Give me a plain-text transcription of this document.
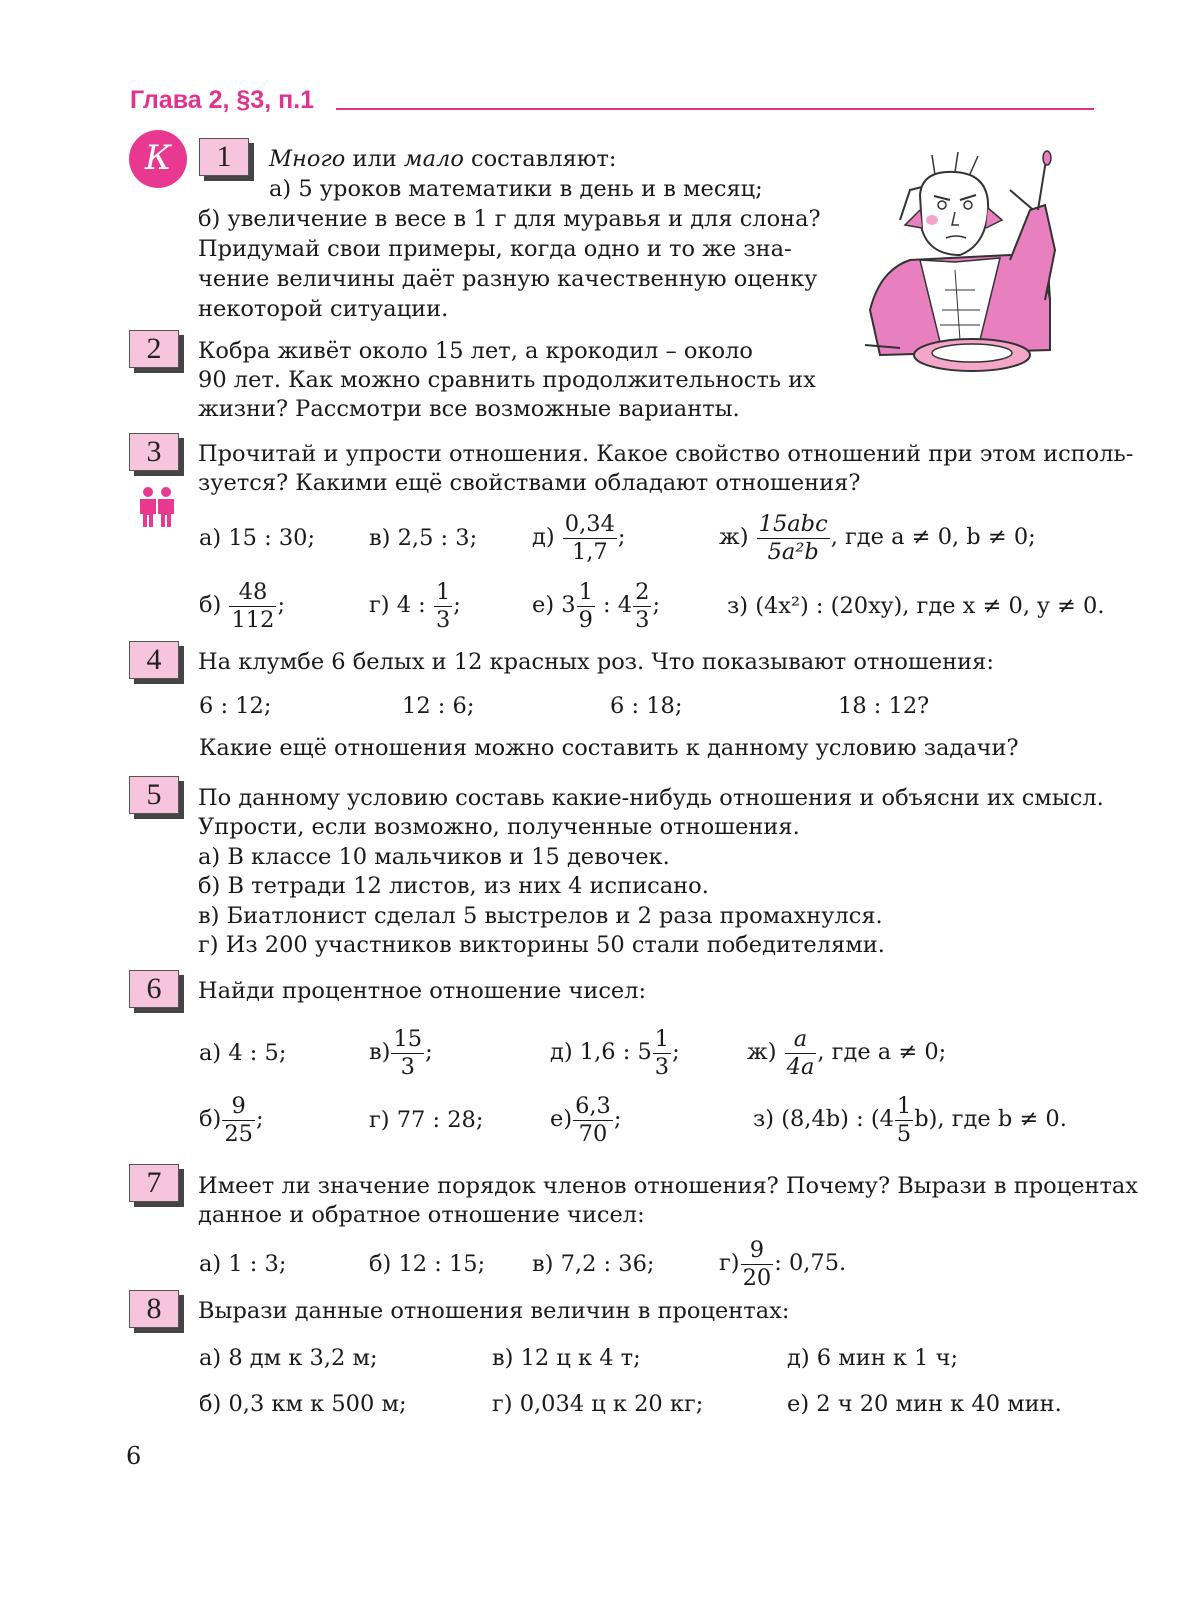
Глава 2, §3, п.1
К	1	Много или мало составляют:
а) 5 уроков математики в день и в месяц;
б) увеличение в весе в 1 г для муравья и для слона?
Придумай свои примеры, когда одно и то же зна-
чение величины даёт разную качественную оценку
некоторой ситуации.
2	Кобра живёт около 15 лет, а крокодил – около
90 лет. Как можно сравнить продолжительность их
жизни? Рассмотри все возможные варианты.
3	Прочитай и упрости отношения. Какое свойство отношений при этом исполь-
зуется? Какими ещё свойствами обладают отношения?
а) 15 : 30; в) 2,5 : 3; $д) \frac{0,34}{1,7}$ ;	$ж) \frac{\text{15abc}}{\text{5a²b}}$ , где a ≠ 0, b ≠ 0;
$б) \frac{48}{112}$ ;	г) 4 : $\frac{1}{3}$ ;	е) $3 \frac{1}{9}$ : $4 \frac{2}{3}$ ;	з) (4x²) : (20xy), где x ≠ 0, y ≠ 0.
4	На клумбе 6 белых и 12 красных роз. Что показывают отношения:
6 : 12;	12 : 6;	6 : 18;	18 : 12?
Какие ещё отношения можно составить к данному условию задачи?
5	По данному условию составь какие-нибудь отношения и объясни их смысл.
Упрости, если возможно, полученные отношения.
а) В классе 10 мальчиков и 15 девочек.
б) В тетради 12 листов, из них 4 исписано.
в) Биатлонист сделал 5 выстрелов и 2 раза промахнулся.
г) Из 200 участников викторины 50 стали победителями.
6	Найди процентное отношение чисел:
а) 4 : 5;	$в) \frac{15}{3}$ ;	д) 1,6 : $5 \frac{1}{3}$ ;	$ж) \frac{a}{4a}$ , где a ≠ 0;
$б) \frac{9}{25}$ ;	г) 77 : 28;	$е) \frac{6,3}{70}$ ;	з) (8,4b) : $(4 \frac{1}{5} b)$, где b ≠ 0.
7	Имеет ли значение порядок членов отношения? Почему? Вырази в процентах
данное и обратное отношение чисел:
а) 1 : 3;	б) 12 : 15; в) 7,2 : 36;	$г) \frac{9}{20}$ : 0,75.
8	Вырази данные отношения величин в процентах:
а) 8 дм к 3,2 м;	в) 12 ц к 4 т;	д) 6 мин к 1 ч;
б) 0,3 км к 500 м;	г) 0,034 ц к 20 кг;	е) 2 ч 20 мин к 40 мин.
6
